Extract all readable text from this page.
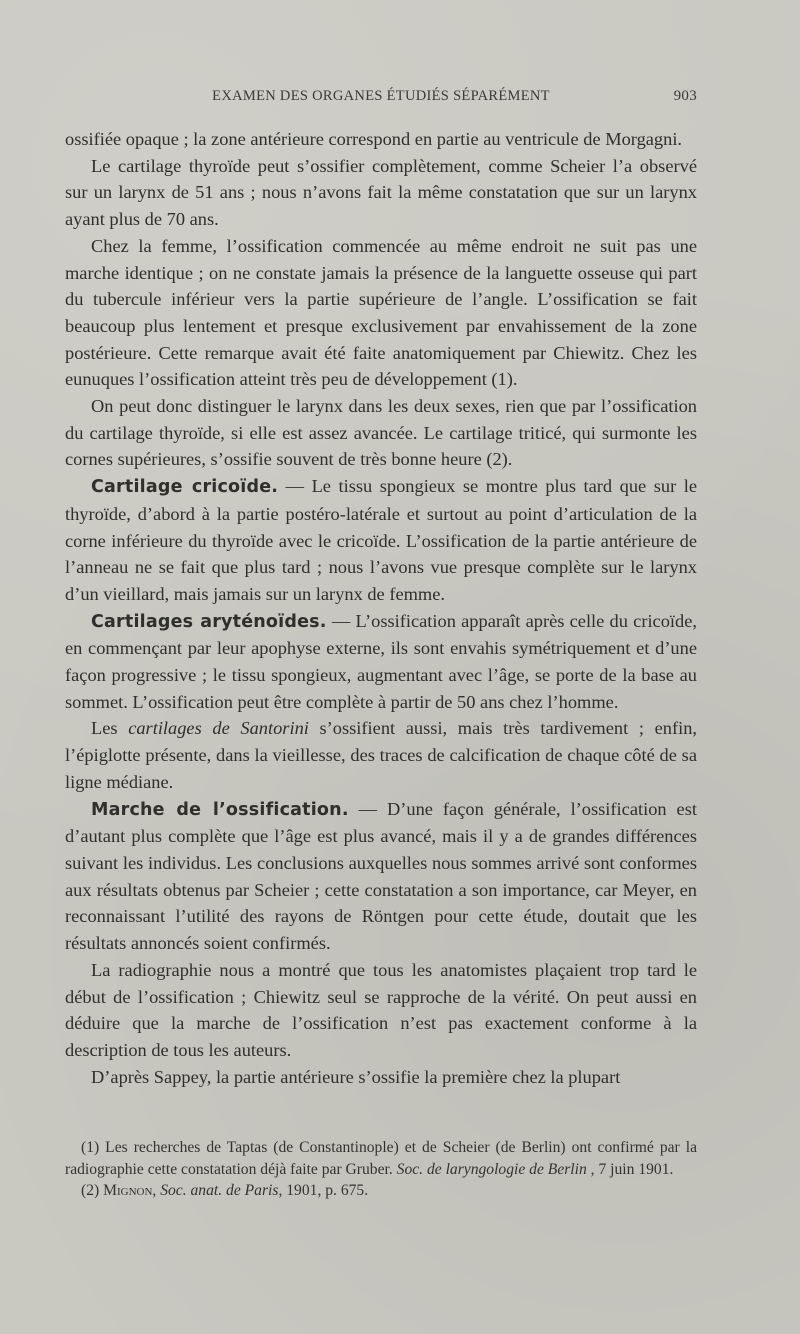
EXAMEN DES ORGANES ÉTUDIÉS SÉPARÉMENT	903

ossifiée opaque ; la zone antérieure correspond en partie au ventricule de Morgagni.

Le cartilage thyroïde peut s’ossifier complètement, comme Scheier l’a observé sur un larynx de 51 ans ; nous n’avons fait la même constatation que sur un larynx ayant plus de 70 ans.

Chez la femme, l’ossification commencée au même endroit ne suit pas une marche identique ; on ne constate jamais la présence de la languette osseuse qui part du tubercule inférieur vers la partie supérieure de l’angle. L’ossification se fait beaucoup plus lentement et presque exclusivement par envahissement de la zone postérieure. Cette remarque avait été faite anatomiquement par Chiewitz. Chez les eunuques l’ossification atteint très peu de développement (1).

On peut donc distinguer le larynx dans les deux sexes, rien que par l’ossification du cartilage thyroïde, si elle est assez avancée. Le cartilage triticé, qui surmonte les cornes supérieures, s’ossifie souvent de très bonne heure (2).

Cartilage cricoïde. — Le tissu spongieux se montre plus tard que sur le thyroïde, d’abord à la partie postéro-latérale et surtout au point d’articulation de la corne inférieure du thyroïde avec le cricoïde. L’ossification de la partie antérieure de l’anneau ne se fait que plus tard ; nous l’avons vue presque complète sur le larynx d’un vieillard, mais jamais sur un larynx de femme.

Cartilages aryténoïdes. — L’ossification apparaît après celle du cricoïde, en commençant par leur apophyse externe, ils sont envahis symétriquement et d’une façon progressive ; le tissu spongieux, augmentant avec l’âge, se porte de la base au sommet. L’ossification peut être complète à partir de 50 ans chez l’homme.

Les cartilages de Santorini s’ossifient aussi, mais très tardivement ; enfin, l’épiglotte présente, dans la vieillesse, des traces de calcification de chaque côté de sa ligne médiane.

Marche de l’ossification. — D’une façon générale, l’ossification est d’autant plus complète que l’âge est plus avancé, mais il y a de grandes différences suivant les individus. Les conclusions auxquelles nous sommes arrivé sont conformes aux résultats obtenus par Scheier ; cette constatation a son importance, car Meyer, en reconnaissant l’utilité des rayons de Röntgen pour cette étude, doutait que les résultats annoncés soient confirmés.

La radiographie nous a montré que tous les anatomistes plaçaient trop tard le début de l’ossification ; Chiewitz seul se rapproche de la vérité. On peut aussi en déduire que la marche de l’ossification n’est pas exactement conforme à la description de tous les auteurs.

D’après Sappey, la partie antérieure s’ossifie la première chez la plupart

(1) Les recherches de Taptas (de Constantinople) et de Scheier (de Berlin) ont confirmé par la radiographie cette constatation déjà faite par Gruber. Soc. de laryngologie de Berlin , 7 juin 1901.

(2) Mignon, Soc. anat. de Paris, 1901, p. 675.
